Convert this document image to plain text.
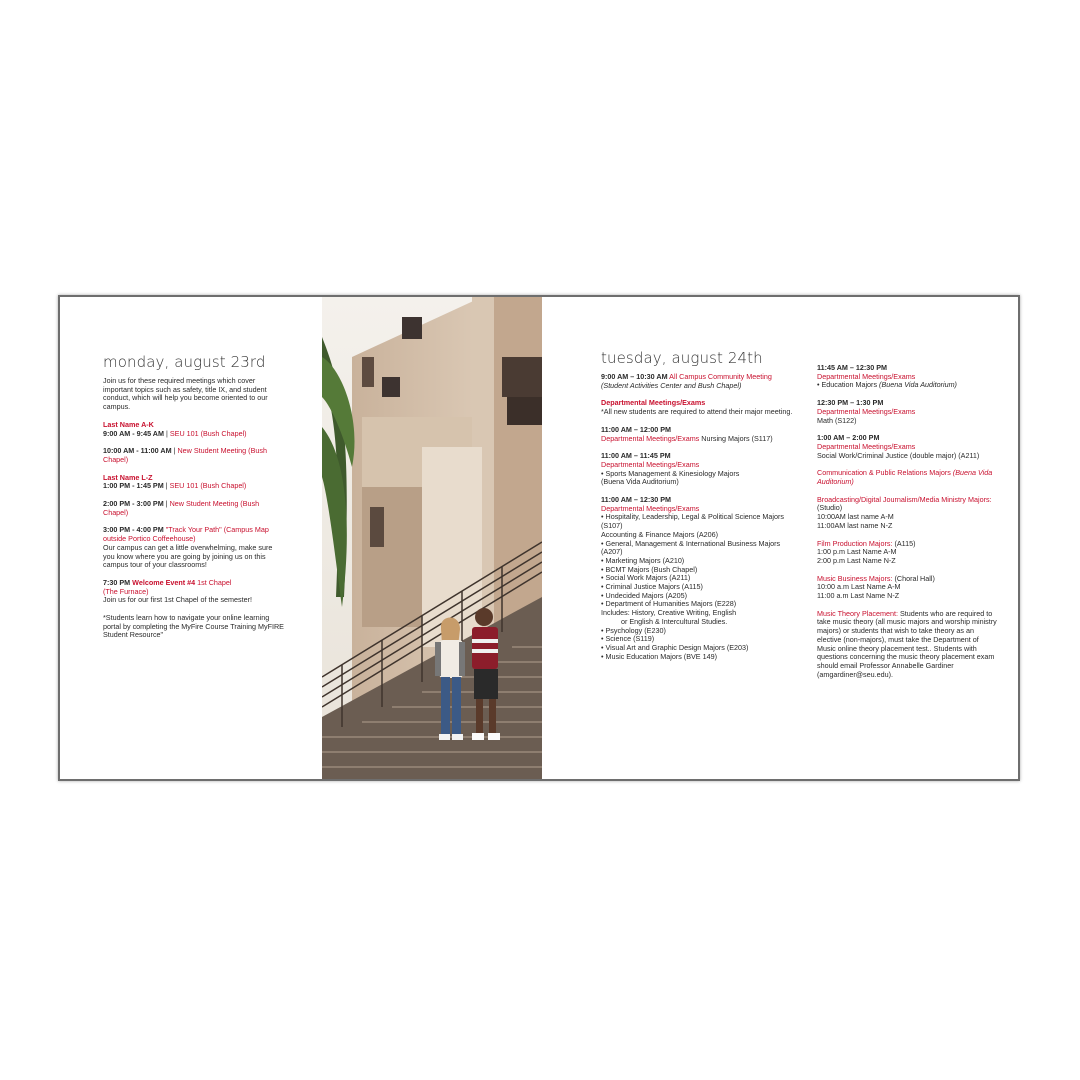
monday, august 23rd
Join us for these required meetings which cover important topics such as safety, title IX, and student conduct, which will help you become oriented to our campus.
Last Name A-K
9:00 AM - 9:45 AM | SEU 101 (Bush Chapel)
10:00 AM - 11:00 AM | New Student Meeting (Bush Chapel)
Last Name L-Z
1:00 PM - 1:45 PM | SEU 101 (Bush Chapel)
2:00 PM - 3:00 PM | New Student Meeting (Bush Chapel)
3:00 PM - 4:00 PM "Track Your Path" (Campus Map outside Portico Coffeehouse)
Our campus can get a little overwhelming, make sure you know where you are going by joining us on this campus tour of your classrooms!
7:30 PM Welcome Event #4 1st Chapel
(The Furnace)
Join us for our first 1st Chapel of the semester!
*Students learn how to navigate your online learning portal by completing the MyFire Course Training MyFIRE Student Resource"
tuesday, august 24th
9:00 AM – 10:30 AM All Campus Community Meeting
(Student Activities Center and Bush Chapel)
Departmental Meetings/Exams
*All new students are required to attend their major meeting.
11:00 AM – 12:00 PM
Departmental Meetings/Exams Nursing Majors (S117)
11:00 AM – 11:45 PM
Departmental Meetings/Exams
• Sports Management & Kinesiology Majors
(Buena Vida Auditorium)
11:00 AM – 12:30 PM
Departmental Meetings/Exams
• Hospitality, Leadership, Legal & Political Science Majors (S107)
Accounting & Finance Majors (A206)
• General, Management & International Business Majors (A207)
• Marketing Majors (A210)
• BCMT Majors (Bush Chapel)
• Social Work Majors (A211)
• Criminal Justice Majors (A115)
• Undecided Majors (A205)
• Department of Humanities Majors (E228)
Includes: History, Creative Writing, English
or English & Intercultural Studies.
• Psychology (E230)
• Science (S119)
• Visual Art and Graphic Design Majors (E203)
• Music Education Majors (BVE 149)
11:45 AM – 12:30 PM
Departmental Meetings/Exams
• Education Majors (Buena Vida Auditorium)
12:30 PM – 1:30 PM
Departmental Meetings/Exams
Math (S122)
1:00 AM – 2:00 PM
Departmental Meetings/Exams
Social Work/Criminal Justice (double major) (A211)
Communication & Public Relations Majors (Buena Vida Auditorium)
Broadcasting/Digital Journalism/Media Ministry Majors: (Studio)
10:00AM last name A-M
11:00AM last name N-Z
Film Production Majors: (A115)
1:00 p.m Last Name A-M
2:00 p.m Last Name N-Z
Music Business Majors: (Choral Hall)
10:00 a.m Last Name A-M
11:00 a.m Last Name N-Z
Music Theory Placement: Students who are required to take music theory (all music majors and worship ministry majors) or students that wish to take theory as an elective (non-majors), must take the Department of Music online theory placement test.. Students with questions concerning the music theory placement exam should email Professor Annabelle Gardiner (amgardiner@seu.edu).
